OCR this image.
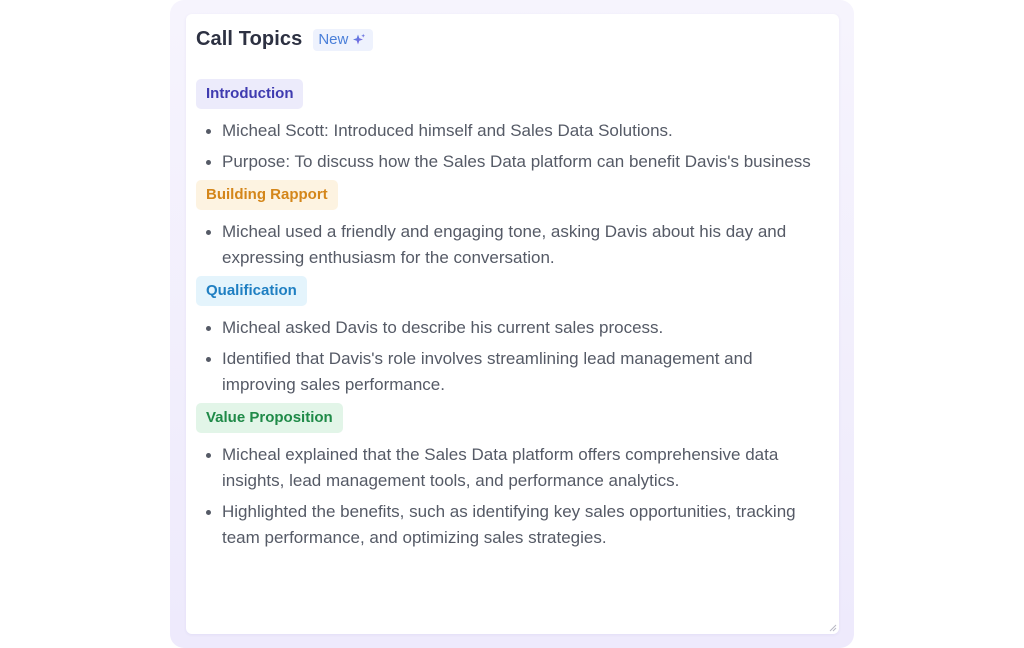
Call Topics New
Introduction
Micheal Scott: Introduced himself and Sales Data Solutions.
Purpose: To discuss how the Sales Data platform can benefit Davis's business
Building Rapport
Micheal used a friendly and engaging tone, asking Davis about his day and expressing enthusiasm for the conversation.
Qualification
Micheal asked Davis to describe his current sales process.
Identified that Davis's role involves streamlining lead management and improving sales performance.
Value Proposition
Micheal explained that the Sales Data platform offers comprehensive data insights, lead management tools, and performance analytics.
Highlighted the benefits, such as identifying key sales opportunities, tracking team performance, and optimizing sales strategies.
